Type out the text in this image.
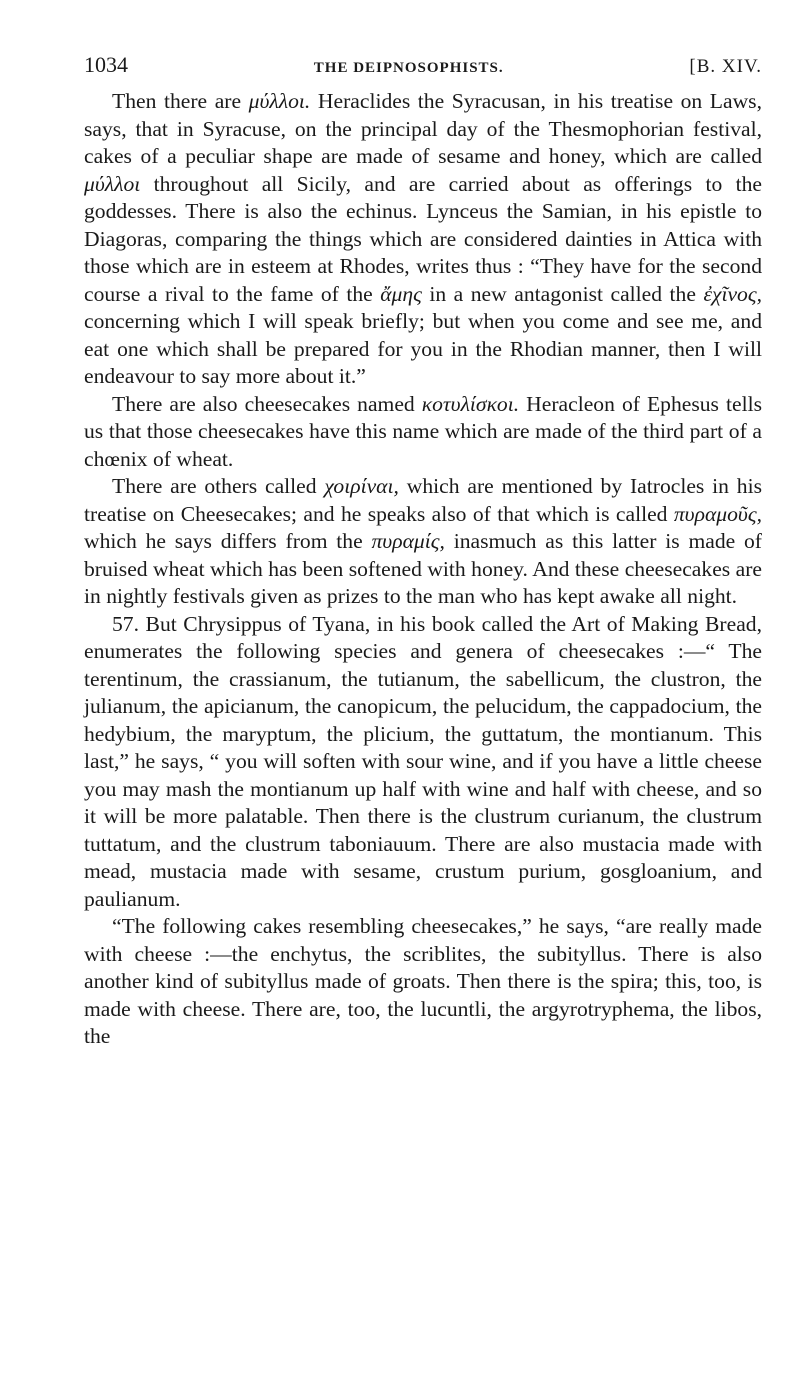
1034	THE DEIPNOSOPHISTS.	[B. XIV.

Then there are μύλλοι. Heraclides the Syracusan, in his treatise on Laws, says, that in Syracuse, on the principal day of the Thesmophorian festival, cakes of a peculiar shape are made of sesame and honey, which are called μύλλοι throughout all Sicily, and are carried about as offerings to the goddesses. There is also the echinus. Lynceus the Samian, in his epistle to Diagoras, comparing the things which are considered dainties in Attica with those which are in esteem at Rhodes, writes thus : “They have for the second course a rival to the fame of the ἄμης in a new antagonist called the ἐχῖνος, concerning which I will speak briefly; but when you come and see me, and eat one which shall be prepared for you in the Rhodian manner, then I will endeavour to say more about it.”

There are also cheesecakes named κοτυλίσκοι. Heracleon of Ephesus tells us that those cheesecakes have this name which are made of the third part of a chœnix of wheat.

There are others called χοιρίναι, which are mentioned by Iatrocles in his treatise on Cheesecakes; and he speaks also of that which is called πυραμοῦς, which he says differs from the πυραμίς, inasmuch as this latter is made of bruised wheat which has been softened with honey. And these cheesecakes are in nightly festivals given as prizes to the man who has kept awake all night.

57. But Chrysippus of Tyana, in his book called the Art of Making Bread, enumerates the following species and genera of cheesecakes :—“ The terentinum, the crassianum, the tutianum, the sabellicum, the clustron, the julianum, the apicianum, the canopicum, the pelucidum, the cappadocium, the hedybium, the maryptum, the plicium, the guttatum, the montianum. This last,” he says, “ you will soften with sour wine, and if you have a little cheese you may mash the montianum up half with wine and half with cheese, and so it will be more palatable. Then there is the clustrum curianum, the clustrum tuttatum, and the clustrum taboniauum. There are also mustacia made with mead, mustacia made with sesame, crustum purium, gosgloanium, and paulianum.

“The following cakes resembling cheesecakes,” he says, “are really made with cheese :—the enchytus, the scriblites, the subityllus. There is also another kind of subityllus made of groats. Then there is the spira; this, too, is made with cheese. There are, too, the lucuntli, the argyrotryphema, the libos, the
